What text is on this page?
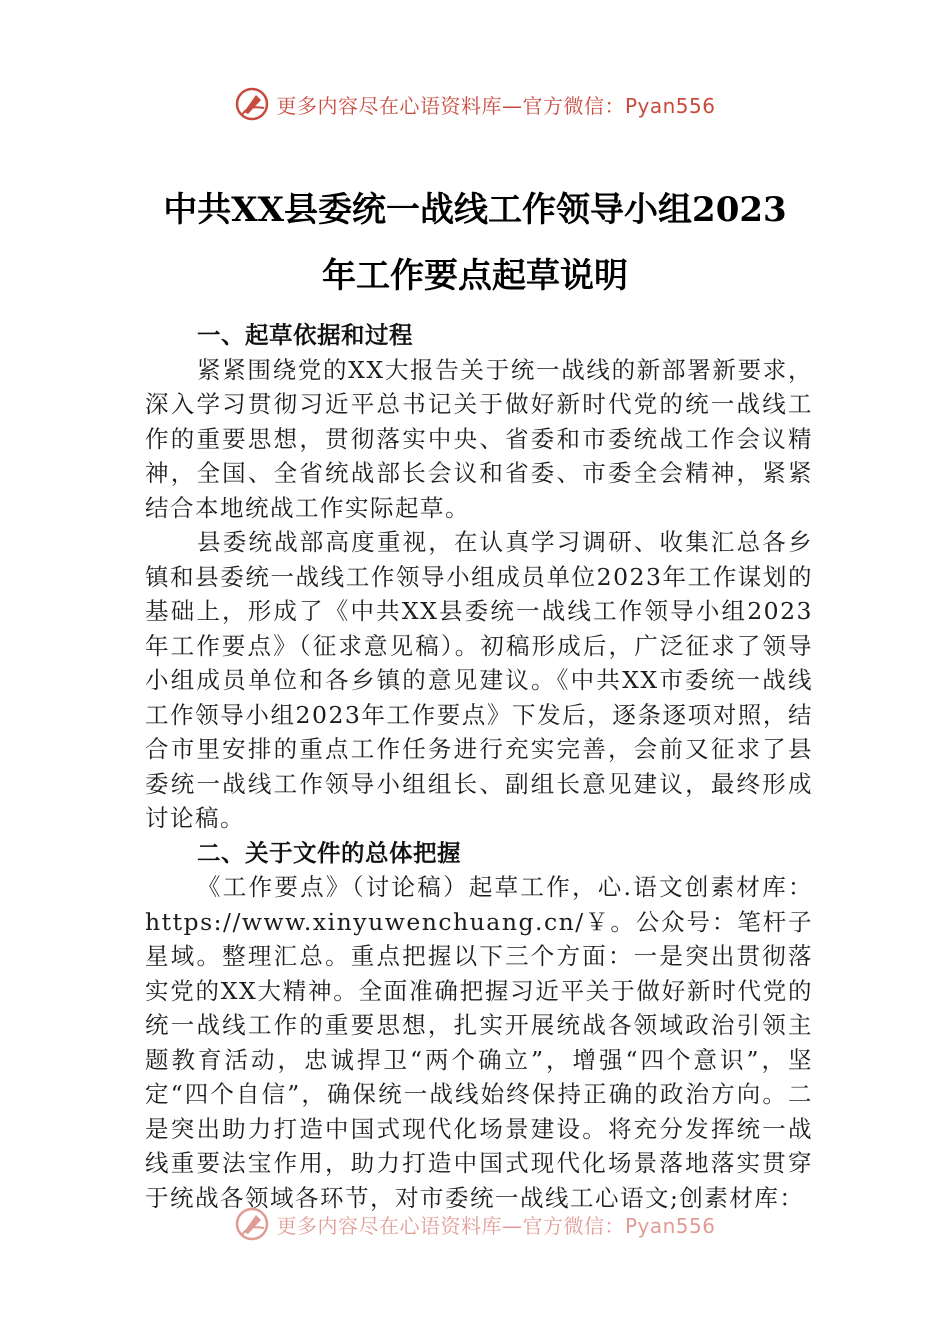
更多内容尽在心语资料库—官方微信：Pyan556
中共XX县委统一战线工作领导小组2023
年工作要点起草说明
一、起草依据和过程

紧紧围绕党的XX大报告关于统一战线的新部署新要求，深入学习贯彻习近平总书记关于做好新时代党的统一战线工作的重要思想，贯彻落实中央、省委和市委统战工作会议精神，全国、全省统战部长会议和省委、市委全会精神，紧紧结合本地统战工作实际起草。

县委统战部高度重视，在认真学习调研、收集汇总各乡镇和县委统一战线工作领导小组成员单位2023年工作谋划的基础上，形成了《中共XX县委统一战线工作领导小组2023年工作要点》（征求意见稿）。初稿形成后，广泛征求了领导小组成员单位和各乡镇的意见建议。《中共XX市委统一战线工作领导小组2023年工作要点》下发后，逐条逐项对照，结合市里安排的重点工作任务进行充实完善，会前又征求了县委统一战线工作领导小组组长、副组长意见建议，最终形成讨论稿。

二、关于文件的总体把握

《工作要点》（讨论稿）起草工作，心.语文创素材库：https://www.xinyuwenchuang.cn/￥。公众号：笔杆子星域。整理汇总。重点把握以下三个方面：一是突出贯彻落实党的XX大精神。全面准确把握习近平关于做好新时代党的统一战线工作的重要思想，扎实开展统战各领域政治引领主题教育活动，忠诚捍卫“两个确立”，增强“四个意识”，坚定“四个自信”，确保统一战线始终保持正确的政治方向。二是突出助力打造中国式现代化场景建设。将充分发挥统一战线重要法宝作用，助力打造中国式现代化场景落地落实贯穿于统战各领域各环节，对市委统一战线工心语文;创素材库：

更多内容尽在心语资料库—官方微信：Pyan556
